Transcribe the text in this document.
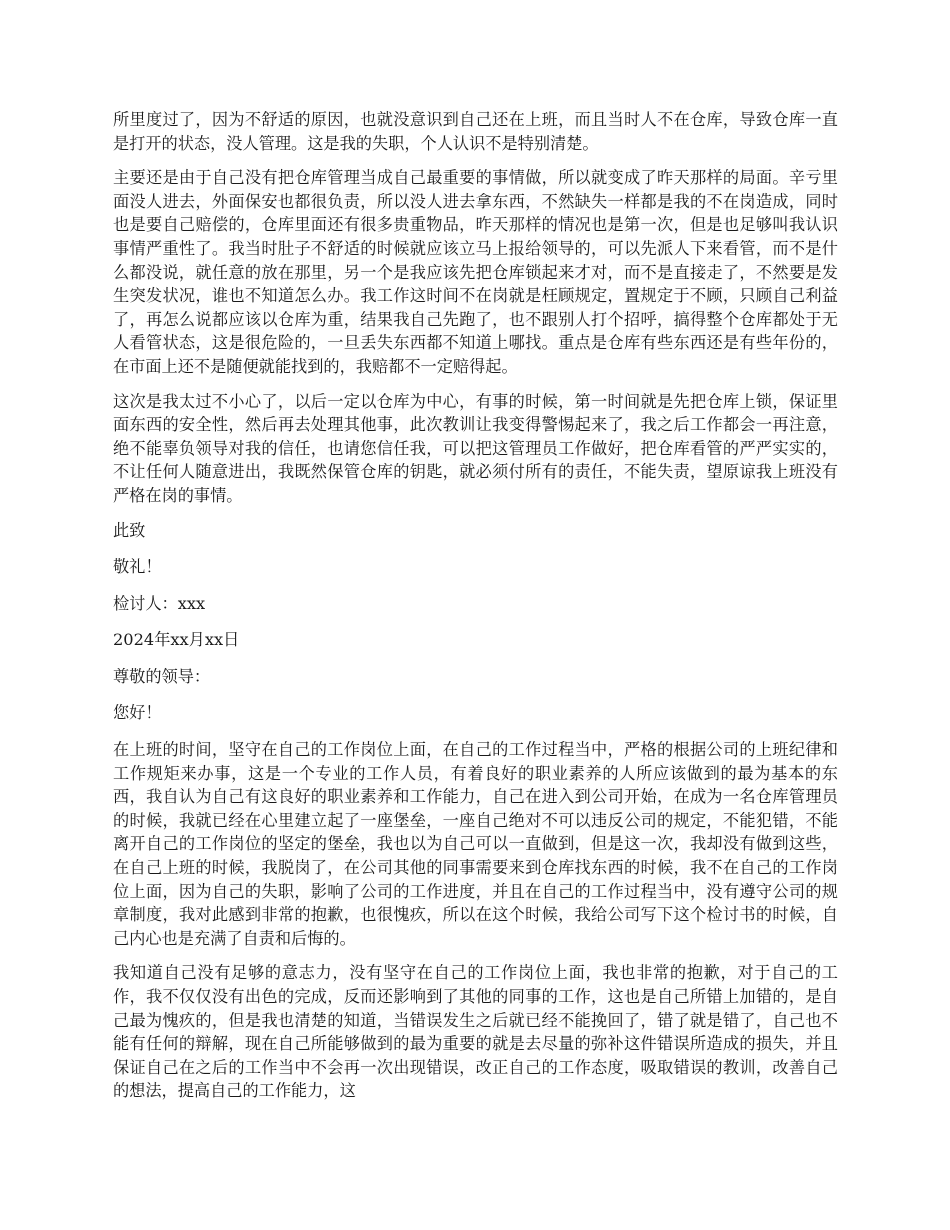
所里度过了，因为不舒适的原因，也就没意识到自己还在上班，而且当时人不在仓库，导致仓库一直是打开的状态，没人管理。这是我的失职，个人认识不是特别清楚。

主要还是由于自己没有把仓库管理当成自己最重要的事情做，所以就变成了昨天那样的局面。辛亏里面没人进去，外面保安也都很负责，所以没人进去拿东西，不然缺失一样都是我的不在岗造成，同时也是要自己赔偿的，仓库里面还有很多贵重物品，昨天那样的情况也是第一次，但是也足够叫我认识事情严重性了。我当时肚子不舒适的时候就应该立马上报给领导的，可以先派人下来看管，而不是什么都没说，就任意的放在那里，另一个是我应该先把仓库锁起来才对，而不是直接走了，不然要是发生突发状况，谁也不知道怎么办。我工作这时间不在岗就是枉顾规定，置规定于不顾，只顾自己利益了，再怎么说都应该以仓库为重，结果我自己先跑了，也不跟别人打个招呼，搞得整个仓库都处于无人看管状态，这是很危险的，一旦丢失东西都不知道上哪找。重点是仓库有些东西还是有些年份的，在市面上还不是随便就能找到的，我赔都不一定赔得起。

这次是我太过不小心了，以后一定以仓库为中心，有事的时候，第一时间就是先把仓库上锁，保证里面东西的安全性，然后再去处理其他事，此次教训让我变得警惕起来了，我之后工作都会一再注意，绝不能辜负领导对我的信任，也请您信任我，可以把这管理员工作做好，把仓库看管的严严实实的，不让任何人随意进出，我既然保管仓库的钥匙，就必须付所有的责任，不能失责，望原谅我上班没有严格在岗的事情。

此致

敬礼！

检讨人：xxx

2024年xx月xx日

尊敬的领导：

您好！

在上班的时间，坚守在自己的工作岗位上面，在自己的工作过程当中，严格的根据公司的上班纪律和工作规矩来办事，这是一个专业的工作人员，有着良好的职业素养的人所应该做到的最为基本的东西，我自认为自己有这良好的职业素养和工作能力，自己在进入到公司开始，在成为一名仓库管理员的时候，我就已经在心里建立起了一座堡垒，一座自己绝对不可以违反公司的规定，不能犯错，不能离开自己的工作岗位的坚定的堡垒，我也以为自己可以一直做到，但是这一次，我却没有做到这些，在自己上班的时候，我脱岗了，在公司其他的同事需要来到仓库找东西的时候，我不在自己的工作岗位上面，因为自己的失职，影响了公司的工作进度，并且在自己的工作过程当中，没有遵守公司的规章制度，我对此感到非常的抱歉，也很愧疚，所以在这个时候，我给公司写下这个检讨书的时候，自己内心也是充满了自责和后悔的。

我知道自己没有足够的意志力，没有坚守在自己的工作岗位上面，我也非常的抱歉，对于自己的工作，我不仅仅没有出色的完成，反而还影响到了其他的同事的工作，这也是自己所错上加错的，是自己最为愧疚的，但是我也清楚的知道，当错误发生之后就已经不能挽回了，错了就是错了，自己也不能有任何的辩解，现在自己所能够做到的最为重要的就是去尽量的弥补这件错误所造成的损失，并且保证自己在之后的工作当中不会再一次出现错误，改正自己的工作态度，吸取错误的教训，改善自己的想法，提高自己的工作能力，这
